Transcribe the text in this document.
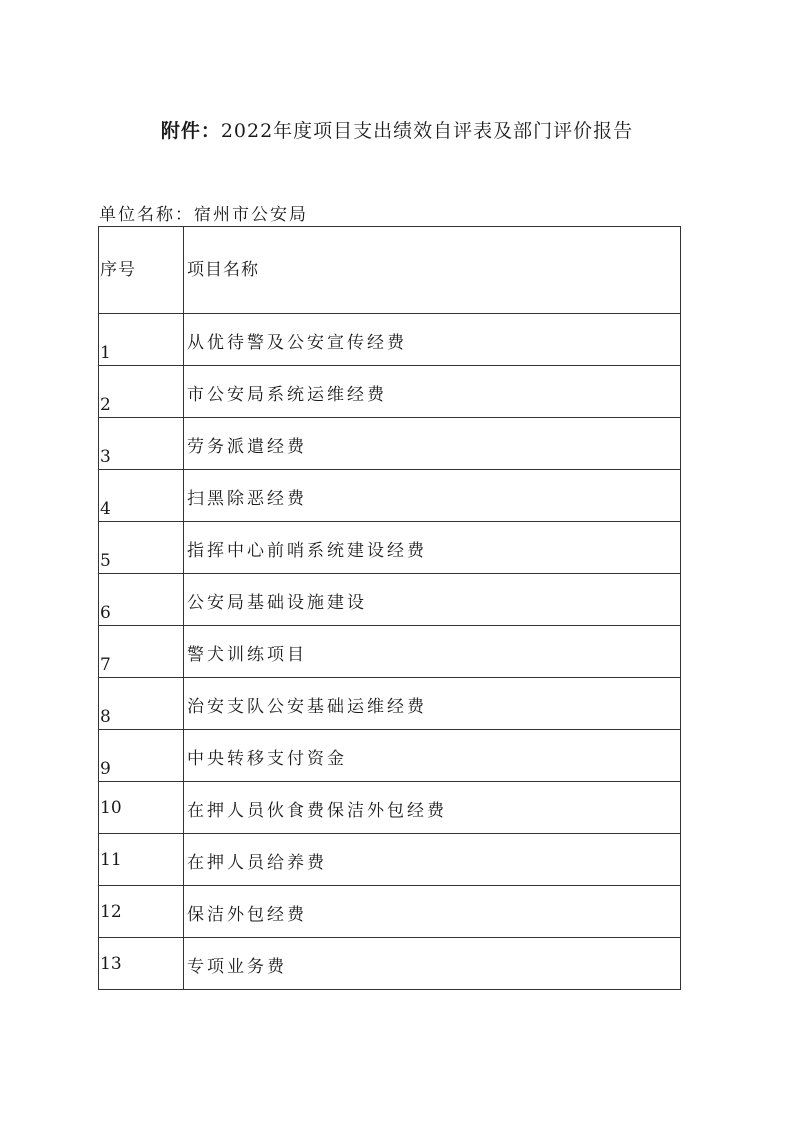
附件：2022年度项目支出绩效自评表及部门评价报告
单位名称：宿州市公安局
序号	项目名称

1	从优待警及公安宣传经费

2	市公安局系统运维经费

3	劳务派遣经费

4	扫黑除恶经费

5	指挥中心前哨系统建设经费

6	公安局基础设施建设

7	警犬训练项目

8	治安支队公安基础运维经费

9	中央转移支付资金

10	在押人员伙食费保洁外包经费

11	在押人员给养费

12	保洁外包经费

13	专项业务费
